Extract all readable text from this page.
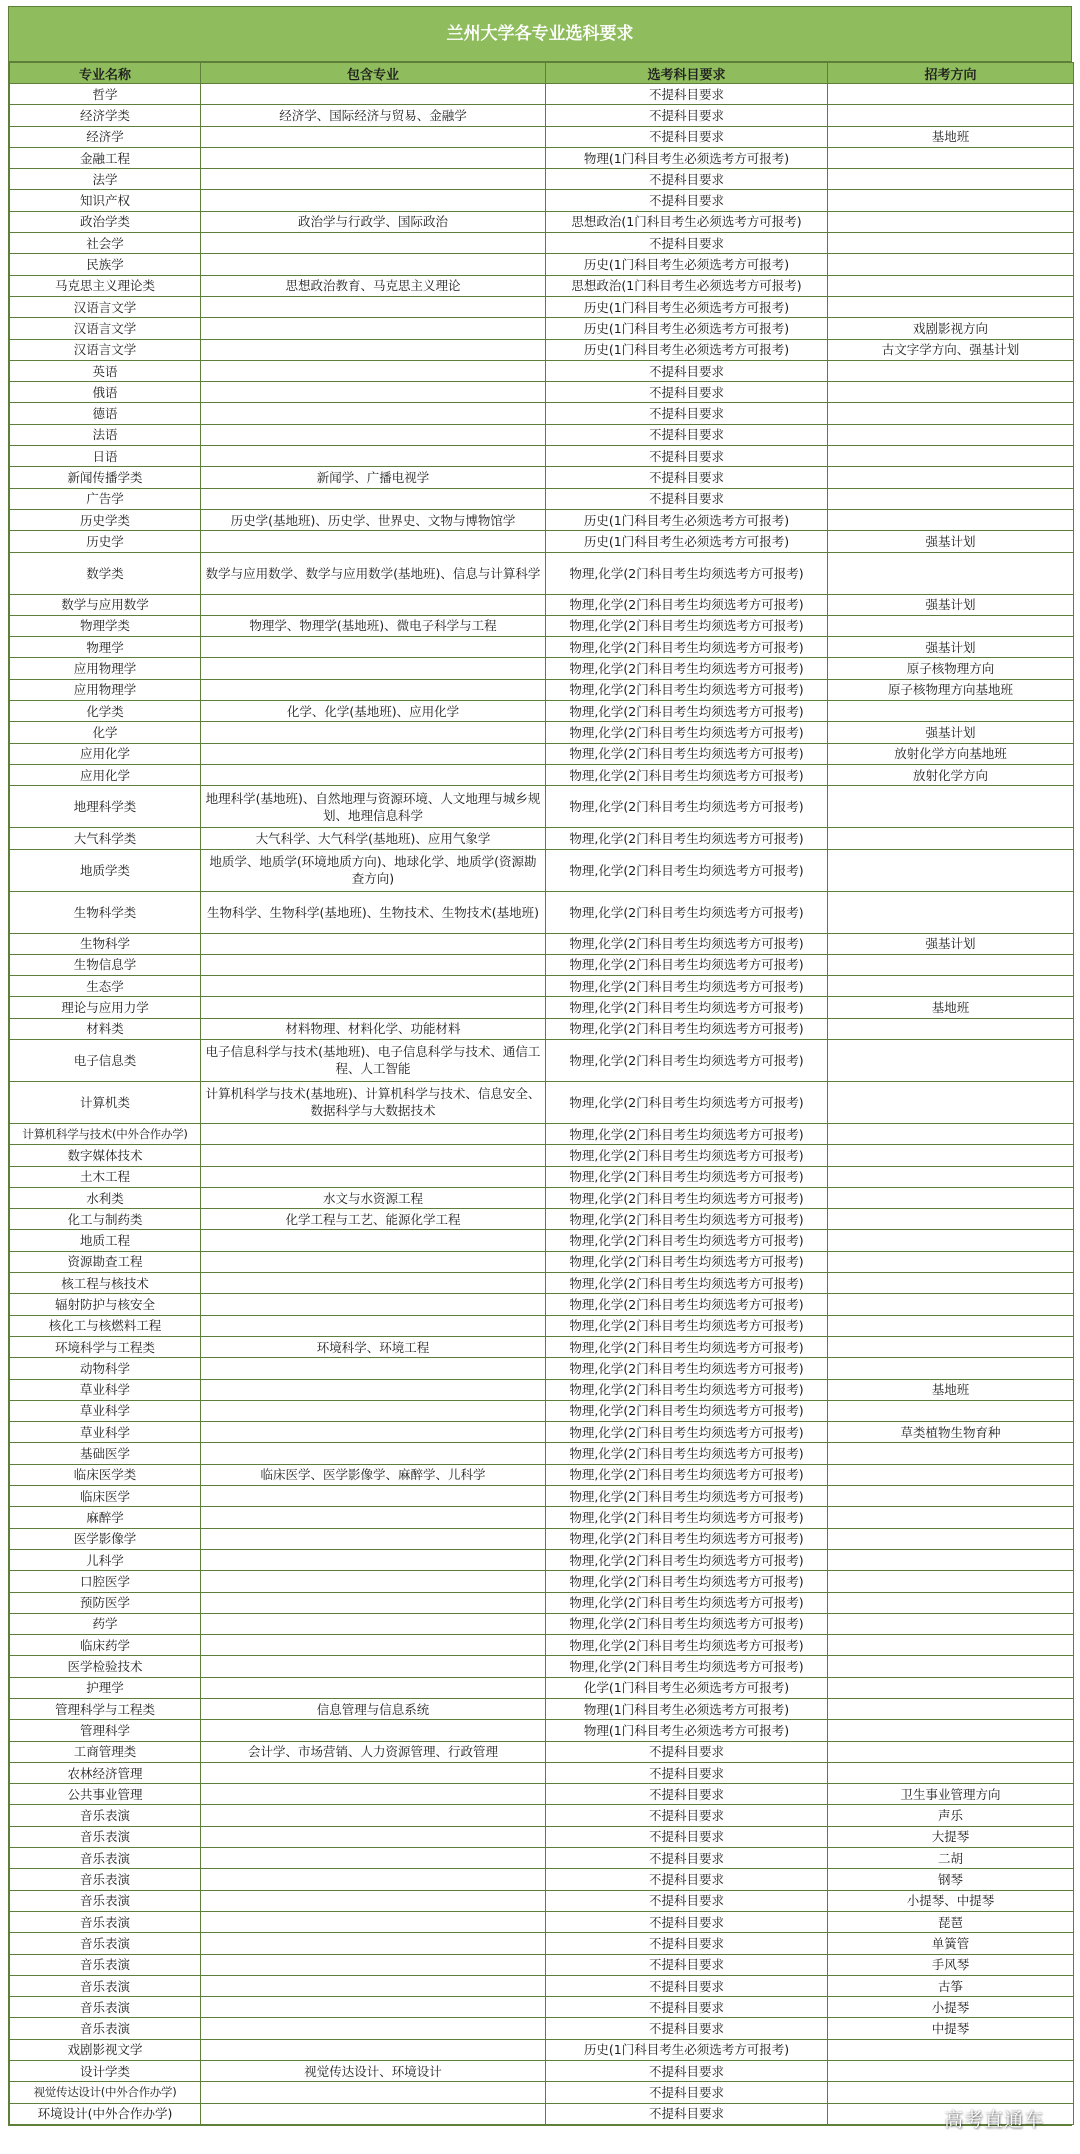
兰州大学各专业选科要求
专业名称	包含专业	选考科目要求	招考方向
哲学		不提科目要求	
经济学类	经济学、国际经济与贸易、金融学	不提科目要求	
经济学		不提科目要求	基地班
金融工程		物理(1门科目考生必须选考方可报考)	
法学		不提科目要求	
知识产权		不提科目要求	
政治学类	政治学与行政学、国际政治	思想政治(1门科目考生必须选考方可报考)	
社会学		不提科目要求	
民族学		历史(1门科目考生必须选考方可报考)	
马克思主义理论类	思想政治教育、马克思主义理论	思想政治(1门科目考生必须选考方可报考)	
汉语言文学		历史(1门科目考生必须选考方可报考)	
汉语言文学		历史(1门科目考生必须选考方可报考)	戏剧影视方向
汉语言文学		历史(1门科目考生必须选考方可报考)	古文字学方向、强基计划
英语		不提科目要求	
俄语		不提科目要求	
德语		不提科目要求	
法语		不提科目要求	
日语		不提科目要求	
新闻传播学类	新闻学、广播电视学	不提科目要求	
广告学		不提科目要求	
历史学类	历史学(基地班)、历史学、世界史、文物与博物馆学	历史(1门科目考生必须选考方可报考)	
历史学		历史(1门科目考生必须选考方可报考)	强基计划
数学类	数学与应用数学、数学与应用数学(基地班)、信息与计算科学	物理,化学(2门科目考生均须选考方可报考)	
数学与应用数学		物理,化学(2门科目考生均须选考方可报考)	强基计划
物理学类	物理学、物理学(基地班)、微电子科学与工程	物理,化学(2门科目考生均须选考方可报考)	
物理学		物理,化学(2门科目考生均须选考方可报考)	强基计划
应用物理学		物理,化学(2门科目考生均须选考方可报考)	原子核物理方向
应用物理学		物理,化学(2门科目考生均须选考方可报考)	原子核物理方向基地班
化学类	化学、化学(基地班)、应用化学	物理,化学(2门科目考生均须选考方可报考)	
化学		物理,化学(2门科目考生均须选考方可报考)	强基计划
应用化学		物理,化学(2门科目考生均须选考方可报考)	放射化学方向基地班
应用化学		物理,化学(2门科目考生均须选考方可报考)	放射化学方向
地理科学类	地理科学(基地班)、自然地理与资源环境、人文地理与城乡规划、地理信息科学	物理,化学(2门科目考生均须选考方可报考)	
大气科学类	大气科学、大气科学(基地班)、应用气象学	物理,化学(2门科目考生均须选考方可报考)	
地质学类	地质学、地质学(环境地质方向)、地球化学、地质学(资源勘查方向)	物理,化学(2门科目考生均须选考方可报考)	
生物科学类	生物科学、生物科学(基地班)、生物技术、生物技术(基地班)	物理,化学(2门科目考生均须选考方可报考)	
生物科学		物理,化学(2门科目考生均须选考方可报考)	强基计划
生物信息学		物理,化学(2门科目考生均须选考方可报考)	
生态学		物理,化学(2门科目考生均须选考方可报考)	
理论与应用力学		物理,化学(2门科目考生均须选考方可报考)	基地班
材料类	材料物理、材料化学、功能材料	物理,化学(2门科目考生均须选考方可报考)	
电子信息类	电子信息科学与技术(基地班)、电子信息科学与技术、通信工程、人工智能	物理,化学(2门科目考生均须选考方可报考)	
计算机类	计算机科学与技术(基地班)、计算机科学与技术、信息安全、数据科学与大数据技术	物理,化学(2门科目考生均须选考方可报考)	
计算机科学与技术(中外合作办学)		物理,化学(2门科目考生均须选考方可报考)	
数字媒体技术		物理,化学(2门科目考生均须选考方可报考)	
土木工程		物理,化学(2门科目考生均须选考方可报考)	
水利类	水文与水资源工程	物理,化学(2门科目考生均须选考方可报考)	
化工与制药类	化学工程与工艺、能源化学工程	物理,化学(2门科目考生均须选考方可报考)	
地质工程		物理,化学(2门科目考生均须选考方可报考)	
资源勘查工程		物理,化学(2门科目考生均须选考方可报考)	
核工程与核技术		物理,化学(2门科目考生均须选考方可报考)	
辐射防护与核安全		物理,化学(2门科目考生均须选考方可报考)	
核化工与核燃料工程		物理,化学(2门科目考生均须选考方可报考)	
环境科学与工程类	环境科学、环境工程	物理,化学(2门科目考生均须选考方可报考)	
动物科学		物理,化学(2门科目考生均须选考方可报考)	
草业科学		物理,化学(2门科目考生均须选考方可报考)	基地班
草业科学		物理,化学(2门科目考生均须选考方可报考)	
草业科学		物理,化学(2门科目考生均须选考方可报考)	草类植物生物育种
基础医学		物理,化学(2门科目考生均须选考方可报考)	
临床医学类	临床医学、医学影像学、麻醉学、儿科学	物理,化学(2门科目考生均须选考方可报考)	
临床医学		物理,化学(2门科目考生均须选考方可报考)	
麻醉学		物理,化学(2门科目考生均须选考方可报考)	
医学影像学		物理,化学(2门科目考生均须选考方可报考)	
儿科学		物理,化学(2门科目考生均须选考方可报考)	
口腔医学		物理,化学(2门科目考生均须选考方可报考)	
预防医学		物理,化学(2门科目考生均须选考方可报考)	
药学		物理,化学(2门科目考生均须选考方可报考)	
临床药学		物理,化学(2门科目考生均须选考方可报考)	
医学检验技术		物理,化学(2门科目考生均须选考方可报考)	
护理学		化学(1门科目考生必须选考方可报考)	
管理科学与工程类	信息管理与信息系统	物理(1门科目考生必须选考方可报考)	
管理科学		物理(1门科目考生必须选考方可报考)	
工商管理类	会计学、市场营销、人力资源管理、行政管理	不提科目要求	
农林经济管理		不提科目要求	
公共事业管理		不提科目要求	卫生事业管理方向
音乐表演		不提科目要求	声乐
音乐表演		不提科目要求	大提琴
音乐表演		不提科目要求	二胡
音乐表演		不提科目要求	钢琴
音乐表演		不提科目要求	小提琴、中提琴
音乐表演		不提科目要求	琵琶
音乐表演		不提科目要求	单簧管
音乐表演		不提科目要求	手风琴
音乐表演		不提科目要求	古筝
音乐表演		不提科目要求	小提琴
音乐表演		不提科目要求	中提琴
戏剧影视文学		历史(1门科目考生必须选考方可报考)	
设计学类	视觉传达设计、环境设计	不提科目要求	
视觉传达设计(中外合作办学)		不提科目要求	
环境设计(中外合作办学)		不提科目要求		高考直通车
